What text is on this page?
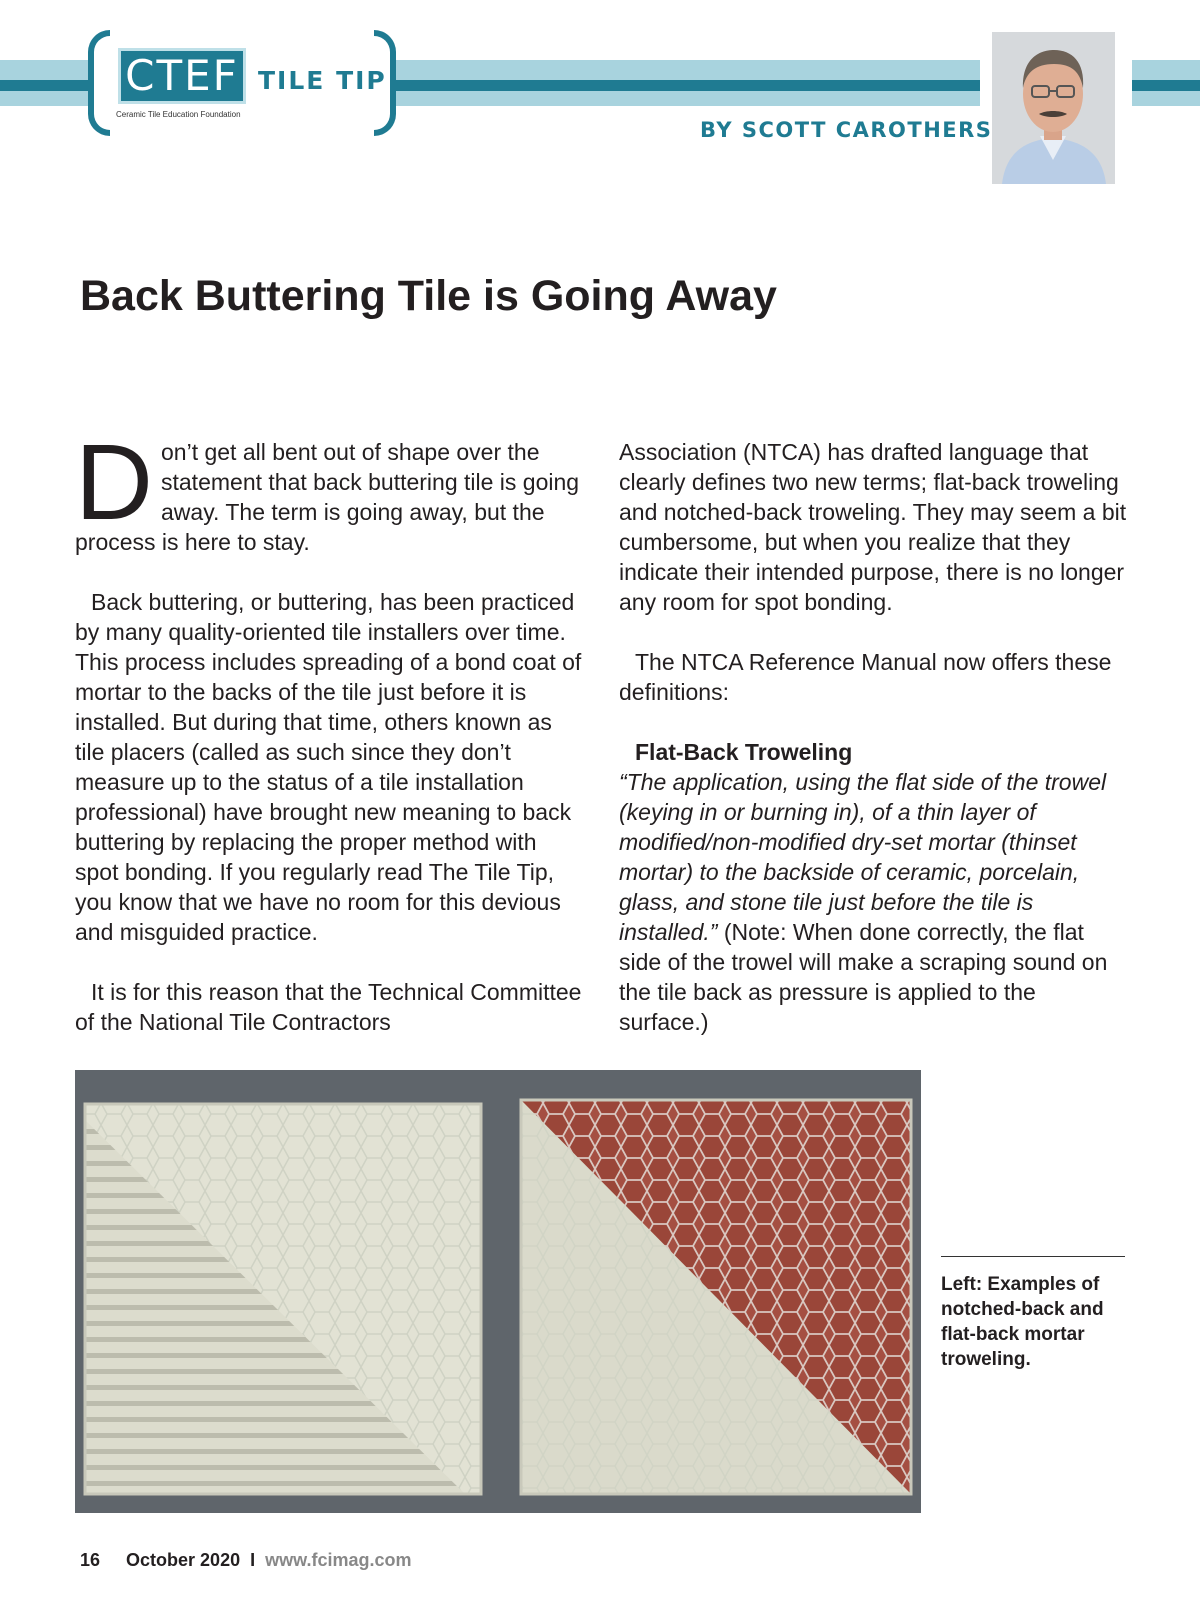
CTEF TILE TIP
Ceramic Tile Education Foundation
BY SCOTT CAROTHERS
Back Buttering Tile is Going Away

Don’t get all bent out of shape over the statement that back buttering tile is going away. The term is going away, but the process is here to stay.

Back buttering, or buttering, has been practiced by many quality-oriented tile installers over time. This process includes spreading of a bond coat of mortar to the backs of the tile just before it is installed. But during that time, others known as tile placers (called as such since they don’t measure up to the status of a tile installation professional) have brought new meaning to back buttering by replacing the proper method with spot bonding. If you regularly read The Tile Tip, you know that we have no room for this devious and misguided practice.

It is for this reason that the Technical Committee of the National Tile Contractors

Association (NTCA) has drafted language that clearly defines two new terms; flat-back troweling and notched-back troweling. They may seem a bit cumbersome, but when you realize that they indicate their intended purpose, there is no longer any room for spot bonding.

The NTCA Reference Manual now offers these definitions:

Flat-Back Troweling
“The application, using the flat side of the trowel (keying in or burning in), of a thin layer of modified/non-modified dry-set mortar (thinset mortar) to the backside of ceramic, porcelain, glass, and stone tile just before the tile is installed.” (Note: When done correctly, the flat side of the trowel will make a scraping sound on the tile back as pressure is applied to the surface.)

Left: Examples of notched-back and flat-back mortar troweling.
16 October 2020 I www.fcimag.com
